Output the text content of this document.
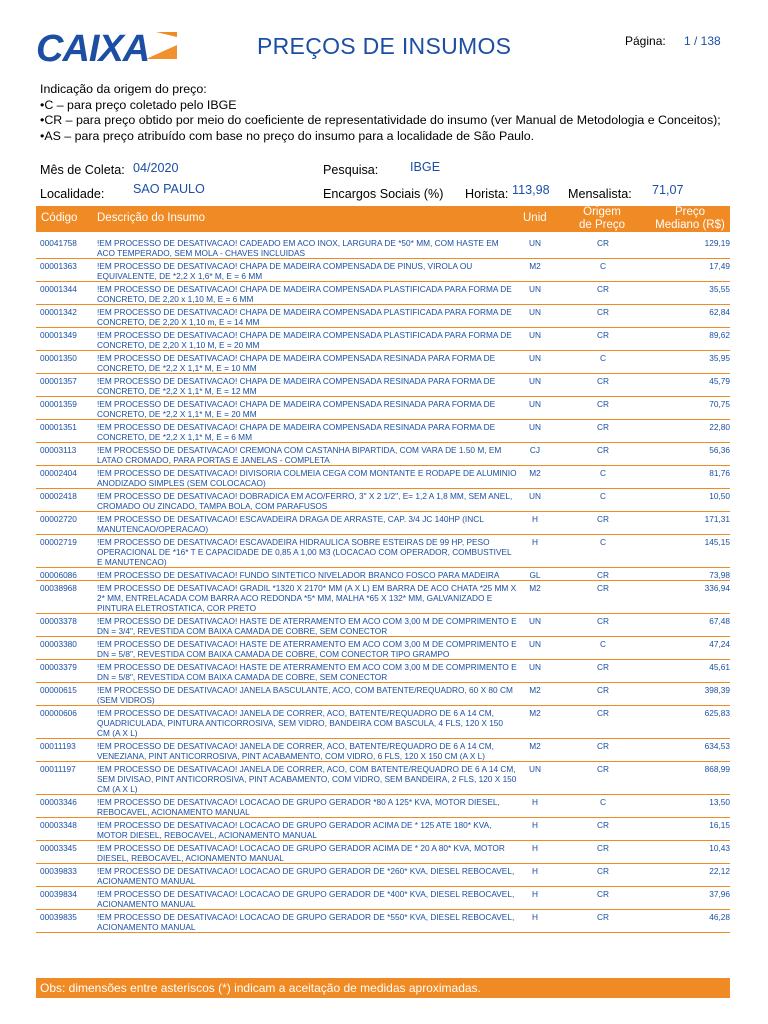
CAIXA	PREÇOS DE INSUMOS	Página: 1 / 138
Indicação da origem do preço:
•C – para preço coletado pelo IBGE
•CR – para preço obtido por meio do coeficiente de representatividade do insumo (ver Manual de Metodologia e Conceitos);
•AS – para preço atribuído com base no preço do insumo para a localidade de São Paulo.
Mês de Coleta: 04/2020	Pesquisa:	IBGE
Localidade: SAO PAULO	Encargos Sociais (%) Horista: 113,98 Mensalista: 71,07
Código Descrição do Insumo	Unid	Origem de Preço
Preço Mediano (R$)
00041758 !EM PROCESSO DE DESATIVACAO! CADEADO EM ACO INOX, LARGURA DE *50* MM, COM HASTE EM ACO TEMPERADO, SEM MOLA - CHAVES INCLUIDAS
UN	CR	129,19
00001363 !EM PROCESSO DE DESATIVACAO! CHAPA DE MADEIRA COMPENSADA DE PINUS, VIROLA OU EQUIVALENTE, DE *2,2 X 1,6* M, E = 6 MM
M2	C	17,49
00001344 !EM PROCESSO DE DESATIVACAO! CHAPA DE MADEIRA COMPENSADA PLASTIFICADA PARA FORMA DE CONCRETO, DE 2,20 x 1,10 M, E = 6 MM
UN	CR	35,55
00001342 !EM PROCESSO DE DESATIVACAO! CHAPA DE MADEIRA COMPENSADA PLASTIFICADA PARA FORMA DE CONCRETO, DE 2,20 X 1,10 m, E = 14 MM
UN	CR	62,84
00001349 !EM PROCESSO DE DESATIVACAO! CHAPA DE MADEIRA COMPENSADA PLASTIFICADA PARA FORMA DE CONCRETO, DE 2,20 X 1,10 M, E = 20 MM
UN	CR	89,62
00001350 !EM PROCESSO DE DESATIVACAO! CHAPA DE MADEIRA COMPENSADA RESINADA PARA FORMA DE CONCRETO, DE *2,2 X 1,1* M, E = 10 MM
UN	C	35,95
00001357 !EM PROCESSO DE DESATIVACAO! CHAPA DE MADEIRA COMPENSADA RESINADA PARA FORMA DE CONCRETO, DE *2,2 X 1,1* M, E = 12 MM
UN	CR	45,79
00001359 !EM PROCESSO DE DESATIVACAO! CHAPA DE MADEIRA COMPENSADA RESINADA PARA FORMA DE CONCRETO, DE *2,2 X 1,1* M, E = 20 MM
UN	CR	70,75
00001351 !EM PROCESSO DE DESATIVACAO! CHAPA DE MADEIRA COMPENSADA RESINADA PARA FORMA DE CONCRETO, DE *2,2 X 1,1* M, E = 6 MM
UN	CR	22,80
00003113 !EM PROCESSO DE DESATIVACAO! CREMONA COM CASTANHA BIPARTIDA, COM VARA DE 1.50 M, EM LATAO CROMADO, PARA PORTAS E JANELAS - COMPLETA
CJ	CR	56,36
00002404 !EM PROCESSO DE DESATIVACAO! DIVISORIA COLMEIA CEGA COM MONTANTE E RODAPE DE ALUMINIO ANODIZADO SIMPLES (SEM COLOCACAO)
M2	C	81,76
00002418 !EM PROCESSO DE DESATIVACAO! DOBRADICA EM ACO/FERRO, 3" X 2 1/2", E= 1,2 A 1,8 MM, SEM ANEL, CROMADO OU ZINCADO, TAMPA BOLA, COM PARAFUSOS
UN	C	10,50
00002720 !EM PROCESSO DE DESATIVACAO! ESCAVADEIRA DRAGA DE ARRASTE, CAP. 3/4 JC 140HP (INCL MANUTENCAO/OPERACAO)
H	CR	171,31
00002719 !EM PROCESSO DE DESATIVACAO! ESCAVADEIRA HIDRAULICA SOBRE ESTEIRAS DE 99 HP, PESO OPERACIONAL DE *16* T E CAPACIDADE DE 0,85 A 1,00 M3 (LOCACAO COM OPERADOR, COMBUSTIVEL E MANUTENCAO)
H	C	145,15
00006086 !EM PROCESSO DE DESATIVACAO! FUNDO SINTETICO NIVELADOR BRANCO FOSCO PARA MADEIRA	GL	CR	73,98
00038968 !EM PROCESSO DE DESATIVACAO! GRADIL *1320 X 2170* MM (A X L) EM BARRA DE ACO CHATA *25 MM X 2* MM, ENTRELACADA COM BARRA ACO REDONDA *5* MM, MALHA *65 X 132* MM, GALVANIZADO E PINTURA ELETROSTATICA, COR PRETO
M2	CR	336,94
00003378 !EM PROCESSO DE DESATIVACAO! HASTE DE ATERRAMENTO EM ACO COM 3,00 M DE COMPRIMENTO E DN = 3/4", REVESTIDA COM BAIXA CAMADA DE COBRE, SEM CONECTOR
UN	CR	67,48
00003380 !EM PROCESSO DE DESATIVACAO! HASTE DE ATERRAMENTO EM ACO COM 3,00 M DE COMPRIMENTO E DN = 5/8", REVESTIDA COM BAIXA CAMADA DE COBRE, COM CONECTOR TIPO GRAMPO
UN	C	47,24
00003379 !EM PROCESSO DE DESATIVACAO! HASTE DE ATERRAMENTO EM ACO COM 3,00 M DE COMPRIMENTO E DN = 5/8", REVESTIDA COM BAIXA CAMADA DE COBRE, SEM CONECTOR
UN	CR	45,61
00000615 !EM PROCESSO DE DESATIVACAO! JANELA BASCULANTE, ACO, COM BATENTE/REQUADRO, 60 X 80 CM (SEM VIDROS)
M2	CR	398,39
00000606 !EM PROCESSO DE DESATIVACAO! JANELA DE CORRER, ACO, BATENTE/REQUADRO DE 6 A 14 CM, QUADRICULADA, PINTURA ANTICORROSIVA, SEM VIDRO, BANDEIRA COM BASCULA, 4 FLS, 120 X 150 CM (A X L)
M2	CR	625,83
00011193	!EM PROCESSO DE DESATIVACAO! JANELA DE CORRER, ACO, BATENTE/REQUADRO DE 6 A 14 CM, VENEZIANA, PINT ANTICORROSIVA, PINT ACABAMENTO, COM VIDRO, 6 FLS, 120 X 150 CM (A X L)
M2	CR	634,53
00011197	!EM PROCESSO DE DESATIVACAO! JANELA DE CORRER, ACO, COM BATENTE/REQUADRO DE 6 A 14 CM, SEM DIVISAO, PINT ANTICORROSIVA, PINT ACABAMENTO, COM VIDRO, SEM BANDEIRA, 2 FLS, 120 X 150 CM (A X L)
UN	CR	868,99
00003346 !EM PROCESSO DE DESATIVACAO! LOCACAO DE GRUPO GERADOR *80 A 125* KVA, MOTOR DIESEL, REBOCAVEL, ACIONAMENTO MANUAL
H	C	13,50
00003348 !EM PROCESSO DE DESATIVACAO! LOCACAO DE GRUPO GERADOR ACIMA DE * 125 ATE 180* KVA, MOTOR DIESEL, REBOCAVEL, ACIONAMENTO MANUAL
H	CR	16,15
00003345 !EM PROCESSO DE DESATIVACAO! LOCACAO DE GRUPO GERADOR ACIMA DE * 20 A 80* KVA, MOTOR DIESEL, REBOCAVEL, ACIONAMENTO MANUAL
H	CR	10,43
00039833 !EM PROCESSO DE DESATIVACAO! LOCACAO DE GRUPO GERADOR DE *260* KVA, DIESEL REBOCAVEL, ACIONAMENTO MANUAL
H	CR	22,12
00039834 !EM PROCESSO DE DESATIVACAO! LOCACAO DE GRUPO GERADOR DE *400* KVA, DIESEL REBOCAVEL, ACIONAMENTO MANUAL
H	CR	37,96
00039835 !EM PROCESSO DE DESATIVACAO! LOCACAO DE GRUPO GERADOR DE *550* KVA, DIESEL REBOCAVEL, ACIONAMENTO MANUAL
H	CR	46,28
Obs: dimensões entre asteriscos (*) indicam a aceitação de medidas aproximadas.
